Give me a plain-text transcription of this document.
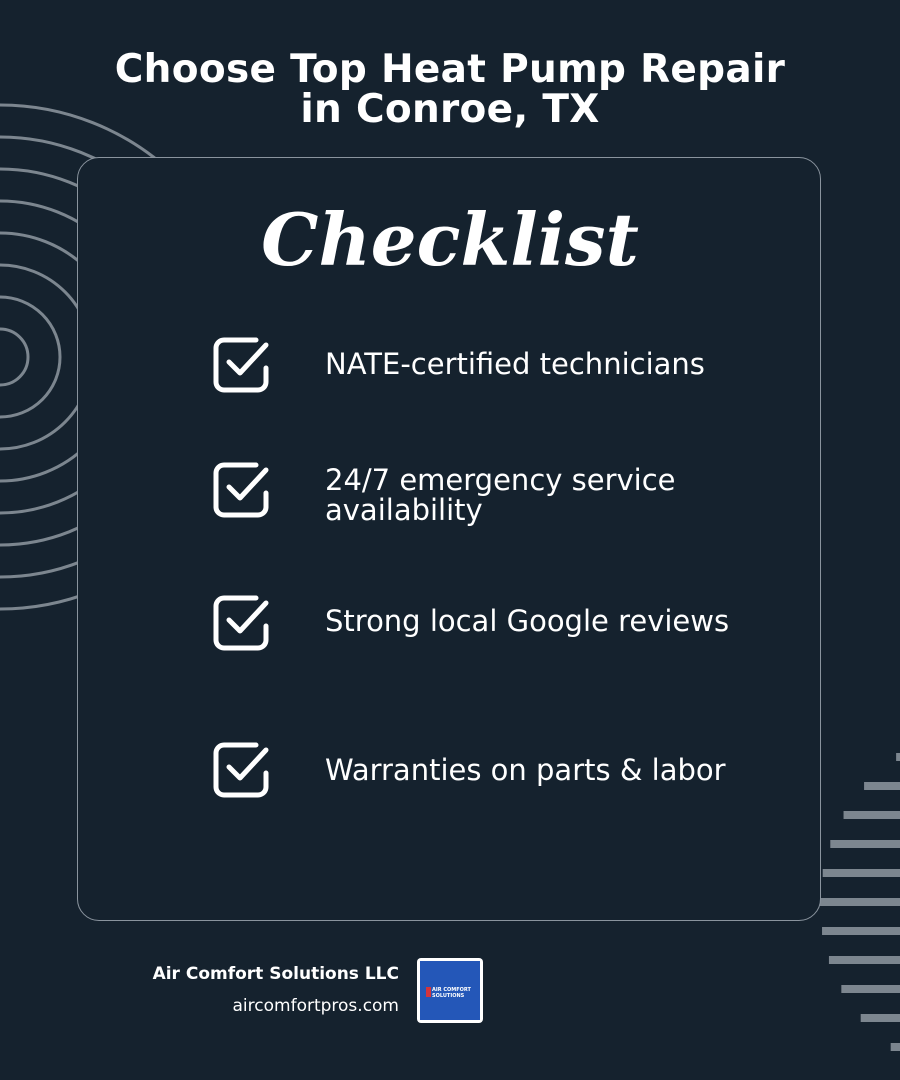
Choose Top Heat Pump Repair
in Conroe, TX
Checklist
NATE-certified technicians
24/7 emergency service availability
Strong local Google reviews
Warranties on parts & labor
Air Comfort Solutions LLC
aircomfortpros.com
AIR COMFORT SOLUTIONS
